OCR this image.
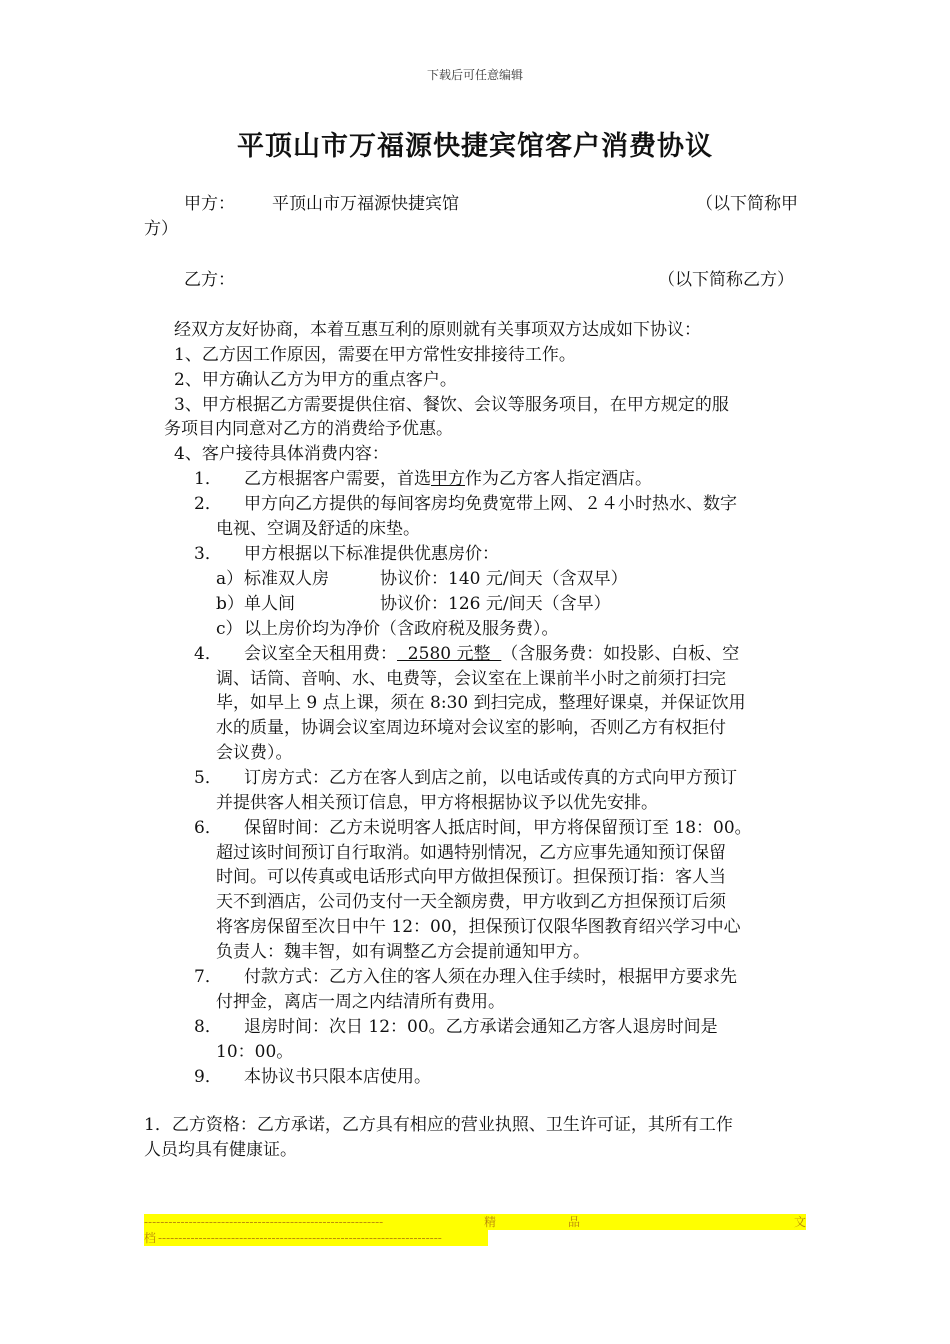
下载后可任意编辑
平顶山市万福源快捷宾馆客户消费协议
甲方： 平顶山市万福源快捷宾馆	（以下简称甲
方）
乙方：	（以下简称乙方）
经双方友好协商，本着互惠互利的原则就有关事项双方达成如下协议：
1、乙方因工作原因，需要在甲方常性安排接待工作。
2、甲方确认乙方为甲方的重点客户。
3、甲方根据乙方需要提供住宿、餐饮、会议等服务项目，在甲方规定的服
务项目内同意对乙方的消费给予优惠。
4、客户接待具体消费内容：
1． 乙方根据客户需要，首选甲方作为乙方客人指定酒店。
2． 甲方向乙方提供的每间客房均免费宽带上网、２４小时热水、数字
电视、空调及舒适的床垫。
3． 甲方根据以下标准提供优惠房价：
a） 标准双人房	协议价：140 元/间天（含双早）
b） 单人间	协议价：126 元/间天（含早）
c） 以上房价均为净价（含政府税及服务费）。
4． 会议室全天租用费：  2580 元整  （含服务费：如投影、白板、空
调、话筒、音响、水、电费等，会议室在上课前半小时之前须打扫完
毕，如早上 9 点上课，须在 8:30 到扫完成，整理好课桌，并保证饮用
水的质量，协调会议室周边环境对会议室的影响，否则乙方有权拒付
会议费）。
5． 订房方式：乙方在客人到店之前，以电话或传真的方式向甲方预订
并提供客人相关预订信息，甲方将根据协议予以优先安排。
6． 保留时间：乙方未说明客人抵店时间，甲方将保留预订至 18：00。
超过该时间预订自行取消。如遇特别情况，乙方应事先通知预订保留
时间。可以传真或电话形式向甲方做担保预订。担保预订指：客人当
天不到酒店，公司仍支付一天全额房费，甲方收到乙方担保预订后须
将客房保留至次日中午 12：00，担保预订仅限华图教育绍兴学习中心
负责人：魏丰智，如有调整乙方会提前通知甲方。
7． 付款方式：乙方入住的客人须在办理入住手续时，根据甲方要求先
付押金，离店一周之内结清所有费用。
8． 退房时间：次日 12：00。乙方承诺会通知乙方客人退房时间是
10：00。
9． 本协议书只限本店使用。
1．乙方资格：乙方承诺，乙方具有相应的营业执照、卫生许可证，其所有工作
人员均具有健康证。
-----------------------------------------------------------	精	品	文
档 ----------------------------------------------------------------------
